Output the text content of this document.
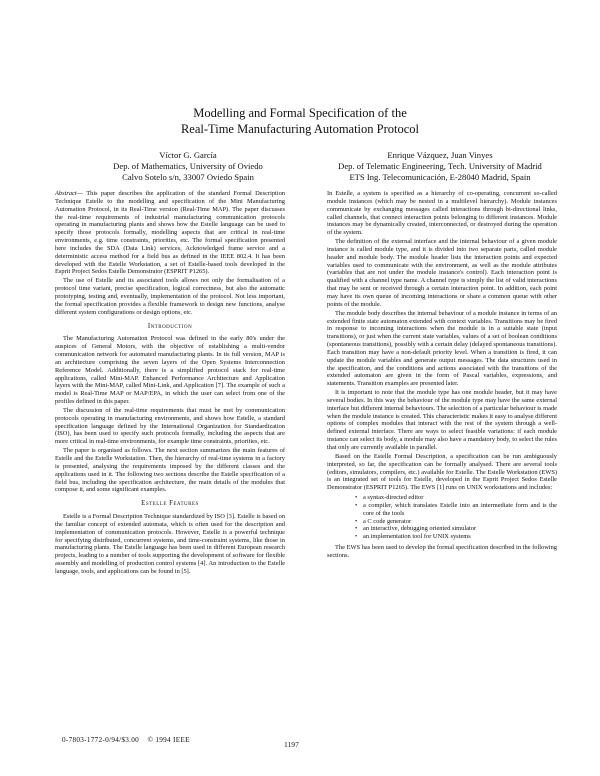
Modelling and Formal Specification of the
Real-Time Manufacturing Automation Protocol
Víctor G. García
Dep. of Mathematics, University of Oviedo
Calvo Sotelo s/n, 33007 Oviedo Spain
Enrique Vázquez, Juan Vinyes
Dep. of Telematic Engineering, Tech. University of Madrid
ETS Ing. Telecomunicación, E-28040 Madrid, Spain

Abstract— This paper describes the application of the standard Formal Description Technique Estelle to the modelling and specification of the Mini Manufacturing Automation Protocol, in its Real-Time version (Real-Time MAP). The paper discusses the real-time requirements of industrial manufacturing communication protocols operating in manufacturing plants and shows how the Estelle language can be used to specify those protocols formally, modelling aspects that are critical in real-time environments, e.g. time constraints, priorities, etc. The formal specification presented here includes the SDA (Data Link) services, Acknowledged frame service and a deterministic access method for a field bus as defined in the IEEE 802.4. It has been developed with the Estelle Workstation, a set of Estelle-based tools developed in the Esprit Project Sedos Estelle Demonstrator (ESPRIT P1265).

The use of Estelle and its associated tools allows not only the formalisation of a protocol time variant, precise specification, logical correctness, but also the automatic prototyping, testing and, eventually, implementation of the protocol. Not less important, the formal specification provides a flexible framework to design new functions, analyse different system configurations or design options, etc.

Introduction

The Manufacturing Automation Protocol was defined in the early 80's under the auspices of General Motors, with the objective of establishing a multi-vendor communication network for automated manufacturing plants. In its full version, MAP is an architecture comprising the seven layers of the Open Systems Interconnection Reference Model. Additionally, there is a simplified protocol stack for real-time applications, called Mini-MAP. Enhanced Performance Architecture and Application layers with the Mini-MAP, called Mini-Link, and Application [7]. The example of such a model is Real-Time MAP or MAP/EPA, in which the user can select from one of the profiles defined in this paper.

The discussion of the real-time requirements that must be met by communication protocols operating in manufacturing environments, and shows how Estelle, a standard specification language defined by the International Organization for Standardization (ISO), has been used to specify such protocols formally, including the aspects that are more critical in real-time environments, for example time constraints, priorities, etc.

The paper is organised as follows. The next section summarizes the main features of Estelle and the Estelle Workstation. Then, the hierarchy of real-time systems in a factory is presented, analysing the requirements imposed by the different classes and the applications used in it. The following two sections describe the Estelle specification of a field bus, including the specification architecture, the main details of the modules that compose it, and some significant examples.

Estelle Features

Estelle is a Formal Description Technique standardized by ISO [3]. Estelle is based on the familiar concept of extended automata, which is often used for the description and implementation of communication protocols. However, Estelle is a powerful technique for specifying distributed, concurrent systems, and time-constraint systems, like those in manufacturing plants. The Estelle language has been used in different European research projects, leading to a number of tools supporting the development of software for flexible assembly and modelling of production control systems [4]. An introduction to the Estelle language, tools, and applications can be found in [5].

In Estelle, a system is specified as a hierarchy of co-operating, concurrent so-called module instances (which may be nested in a multilevel hierarchy). Module instances communicate by exchanging messages called interactions through bi-directional links, called channels, that connect interaction points belonging to different instances. Module instances may be dynamically created, interconnected, or destroyed during the operation of the system.

The definition of the external interface and the internal behaviour of a given module instance is called module type, and it is divided into two separate parts, called module header and module body. The module header lists the interaction points and expected variables used to communicate with the environment, as well as the module attributes (variables that are not under the module instance's control). Each interaction point is qualified with a channel type name. A channel type is simply the list of valid interactions that may be sent or received through a certain interaction point. In addition, each point may have its own queue of incoming interactions or share a common queue with other points of the module.

The module body describes the internal behaviour of a module instance in terms of an extended finite state automaton extended with context variables. Transitions may be fired in response to incoming interactions when the module is in a suitable state (input transitions), or just when the current state variables, values of a set of boolean conditions (spontaneous transitions), possibly with a certain delay (delayed spontaneous transitions). Each transition may have a non-default priority level. When a transition is fired, it can update the module variables and generate output messages. The data structures used in the specification, and the conditions and actions associated with the transitions of the extended automaton are given in the form of Pascal variables, expressions, and statements. Transition examples are presented later.

It is important to note that the module type has one module header, but it may have several bodies. In this way the behaviour of the module type may have the same external interface but different internal behaviours. The selection of a particular behaviour is made when the module instance is created. This characteristic makes it easy to analyse different options of complex modules that interact with the rest of the system through a well-defined external interface. There are ways to select feasible variations: if each module instance can select its body, a module may also have a mandatory body, to select the rules that only are currently available in parallel.

Based on the Estelle Formal Description, a specification can be run ambiguously interpreted, so far, the specification can be formally analysed. There are several tools (editors, simulators, compilers, etc.) available for Estelle. The Estelle Workstation (EWS) is an integrated set of tools for Estelle, developed in the Esprit Project Sedos Estelle Demonstrator (ESPRIT P1265). The EWS [1] runs on UNIX workstations and includes:

• a syntax-directed editor
• a compiler, which translates Estelle into an intermediate form and is the core of the tools
• a C code generator
• an interactive, debugging oriented simulator
• an implementation tool for UNIX systems

The EWS has been used to develop the formal specification described in the following sections.

0-7803-1772-0/94/$3.00 © 1994 IEEE	1197
